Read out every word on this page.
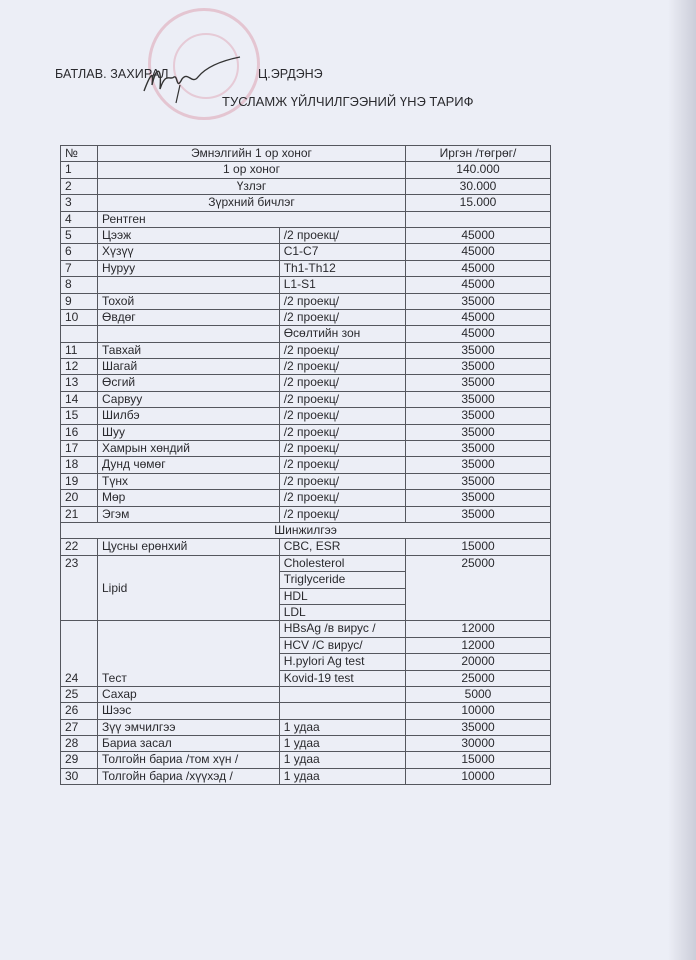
БАТЛАВ. ЗАХИРАЛ	Ц.ЭРДЭНЭ
ТУСЛАМЖ ҮЙЛЧИЛГЭЭНИЙ ҮНЭ ТАРИФ
№	Эмнэлгийн 1 ор хоног		Иргэн /төгрөг/
1	1 ор хоног		140.000
2	Үзлэг		30.000
3	Зүрхний бичлэг		15.000
4	Рентген		
5	Цээж	/2 проекц/	45000
6	Хүзүү	C1-C7	45000
7	Нуруу	Th1-Th12	45000
8		L1-S1	45000
9	Тохой	/2 проекц/	35000
10	Өвдөг	/2 проекц/	45000
		Өсөлтийн зон	45000
11	Тавхай	/2 проекц/	35000
12	Шагай	/2 проекц/	35000
13	Өсгий	/2 проекц/	35000
14	Сарвуу	/2 проекц/	35000
15	Шилбэ	/2 проекц/	35000
16	Шуу	/2 проекц/	35000
17	Хамрын хөндий	/2 проекц/	35000
18	Дунд чөмөг	/2 проекц/	35000
19	Түнх	/2 проекц/	35000
20	Мөр	/2 проекц/	35000
21	Эгэм	/2 проекц/	35000
Шинжилгээ			
22	Цусны ерөнхий	CBC, ESR	15000
23	Lipid	Cholesterol	25000
		Triglyceride	
		HDL	
		LDL	
24	Тест	HBsAg /в вирус /	12000
		HCV /C вирус/	12000
		H.pylori Ag test	20000
		Kovid-19 test	25000
25	Сахар		5000
26	Шээс		10000
27	Зүү эмчилгээ	1 удаа	35000
28	Бариа засал	1 удаа	30000
29	Толгойн бариа /том хүн /	1 удаа	15000
30	Толгойн бариа /хүүхэд /	1 удаа	10000
